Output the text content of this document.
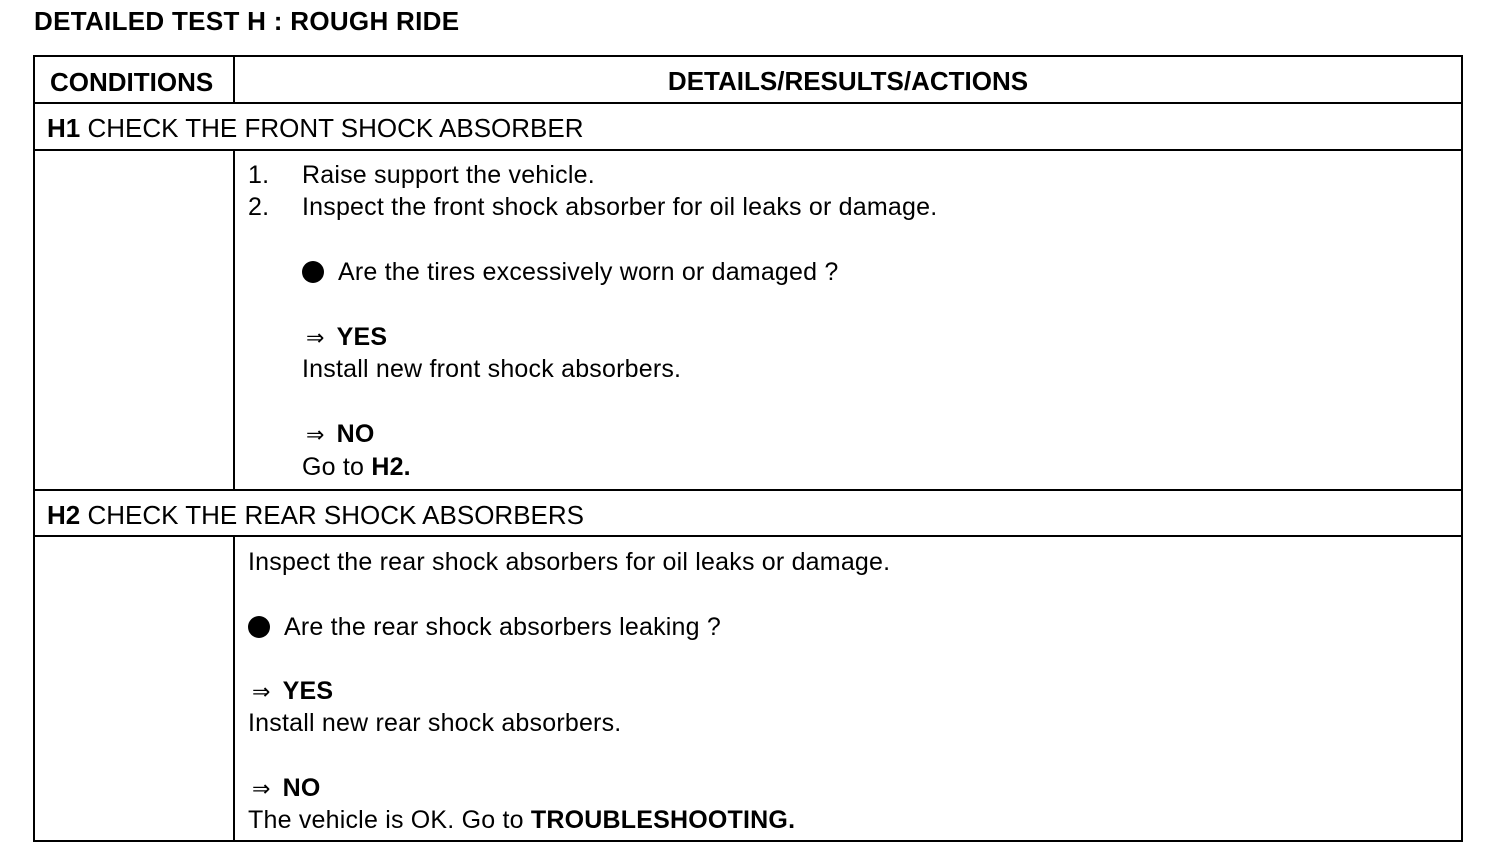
DETAILED TEST H : ROUGH RIDE
CONDITIONS	DETAILS/RESULTS/ACTIONS
H1 CHECK THE FRONT SHOCK ABSORBER
1. Raise support the vehicle.
2. Inspect the front shock absorber for oil leaks or damage.
Are the tires excessively worn or damaged ?
⇒ YES
Install new front shock absorbers.
⇒ NO
Go to H2.
H2 CHECK THE REAR SHOCK ABSORBERS
Inspect the rear shock absorbers for oil leaks or damage.
Are the rear shock absorbers leaking ?
⇒ YES
Install new rear shock absorbers.
⇒ NO
The vehicle is OK. Go to TROUBLESHOOTING.
